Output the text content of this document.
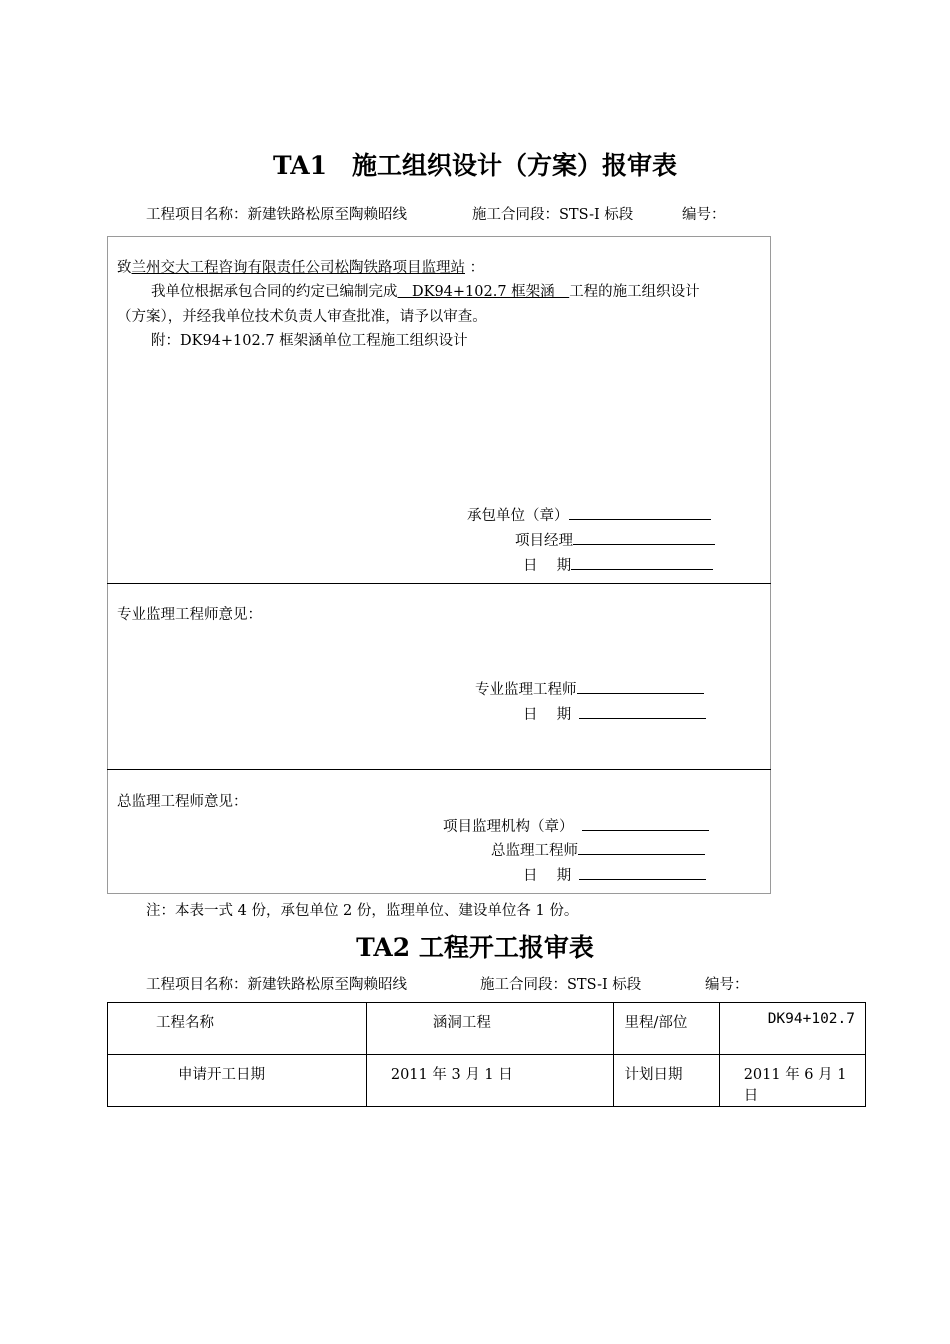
TA1　施工组织设计（方案）报审表
工程项目名称：新建铁路松原至陶赖昭线	施工合同段：STS-I 标段	编号：
致兰州交大工程咨询有限责任公司松陶铁路项目监理站 ：
我单位根据承包合同的约定已编制完成　DK94+102.7 框架涵　工程的施工组织设计
（方案），并经我单位技术负责人审查批准，请予以审查。
附：DK94+102.7 框架涵单位工程施工组织设计
承包单位（章）
项目经理
日　 期
专业监理工程师意见：
专业监理工程师
日　 期
总监理工程师意见：
项目监理机构（章）
总监理工程师
日　 期
注：本表一式 4 份，承包单位 2 份，监理单位、建设单位各 1 份。
TA2 工程开工报审表
工程项目名称：新建铁路松原至陶赖昭线	施工合同段：STS-I 标段	编号：
工程名称	涵洞工程	里程/部位	DK94+102.7
申请开工日期	2011 年 3 月 1 日	计划日期	2011 年 6 月 1 日
